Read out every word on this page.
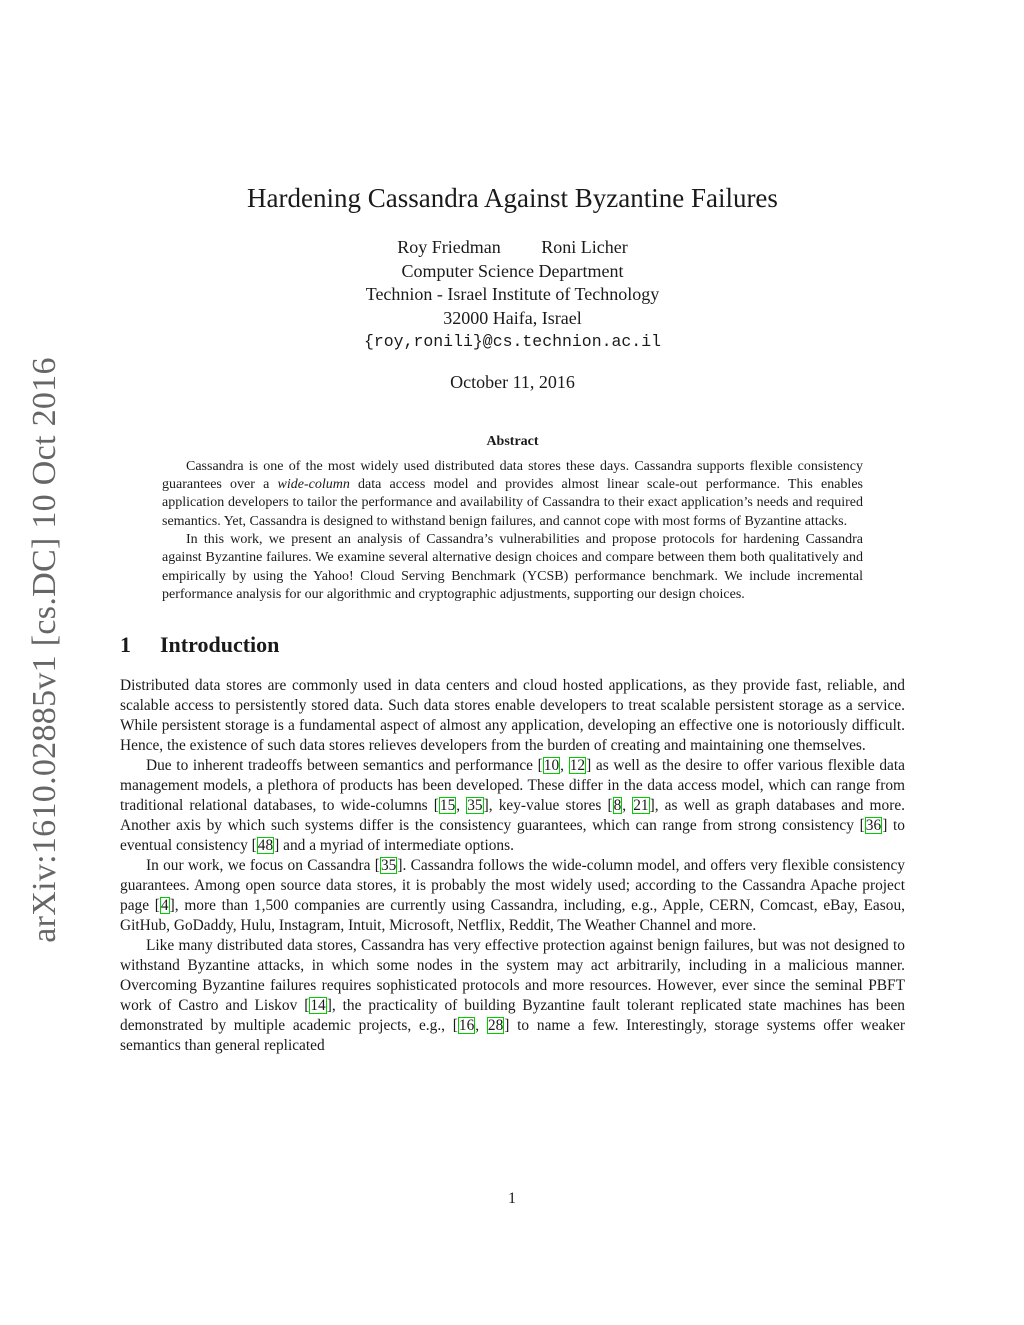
arXiv:1610.02885v1 [cs.DC] 10 Oct 2016
Hardening Cassandra Against Byzantine Failures
Roy Friedman Roni Licher
Computer Science Department
Technion - Israel Institute of Technology
32000 Haifa, Israel
{roy,ronili}@cs.technion.ac.il
October 11, 2016
Abstract

Cassandra is one of the most widely used distributed data stores these days. Cassandra supports flexible consistency guarantees over a wide-column data access model and provides almost linear scale-out performance. This enables application developers to tailor the performance and availability of Cassandra to their exact application’s needs and required semantics. Yet, Cassandra is designed to withstand benign failures, and cannot cope with most forms of Byzantine attacks.

In this work, we present an analysis of Cassandra’s vulnerabilities and propose protocols for hardening Cassandra against Byzantine failures. We examine several alternative design choices and compare between them both qualitatively and empirically by using the Yahoo! Cloud Serving Benchmark (YCSB) performance benchmark. We include incremental performance analysis for our algorithmic and cryptographic adjustments, supporting our design choices.

1 Introduction

Distributed data stores are commonly used in data centers and cloud hosted applications, as they provide fast, reliable, and scalable access to persistently stored data. Such data stores enable developers to treat scalable persistent storage as a service. While persistent storage is a fundamental aspect of almost any application, developing an effective one is notoriously difficult. Hence, the existence of such data stores relieves developers from the burden of creating and maintaining one themselves.

Due to inherent tradeoffs between semantics and performance [10, 12] as well as the desire to offer various flexible data management models, a plethora of products has been developed. These differ in the data access model, which can range from traditional relational databases, to wide-columns [15, 35], key-value stores [8, 21], as well as graph databases and more. Another axis by which such systems differ is the consistency guarantees, which can range from strong consistency [36] to eventual consistency [48] and a myriad of intermediate options.

In our work, we focus on Cassandra [35]. Cassandra follows the wide-column model, and offers very flexible consistency guarantees. Among open source data stores, it is probably the most widely used; according to the Cassandra Apache project page [4], more than 1,500 companies are currently using Cassandra, including, e.g., Apple, CERN, Comcast, eBay, Easou, GitHub, GoDaddy, Hulu, Instagram, Intuit, Microsoft, Netflix, Reddit, The Weather Channel and more.

Like many distributed data stores, Cassandra has very effective protection against benign failures, but was not designed to withstand Byzantine attacks, in which some nodes in the system may act arbitrarily, including in a malicious manner. Overcoming Byzantine failures requires sophisticated protocols and more resources. However, ever since the seminal PBFT work of Castro and Liskov [14], the practicality of building Byzantine fault tolerant replicated state machines has been demonstrated by multiple academic projects, e.g., [16, 28] to name a few. Interestingly, storage systems offer weaker semantics than general replicated

1
